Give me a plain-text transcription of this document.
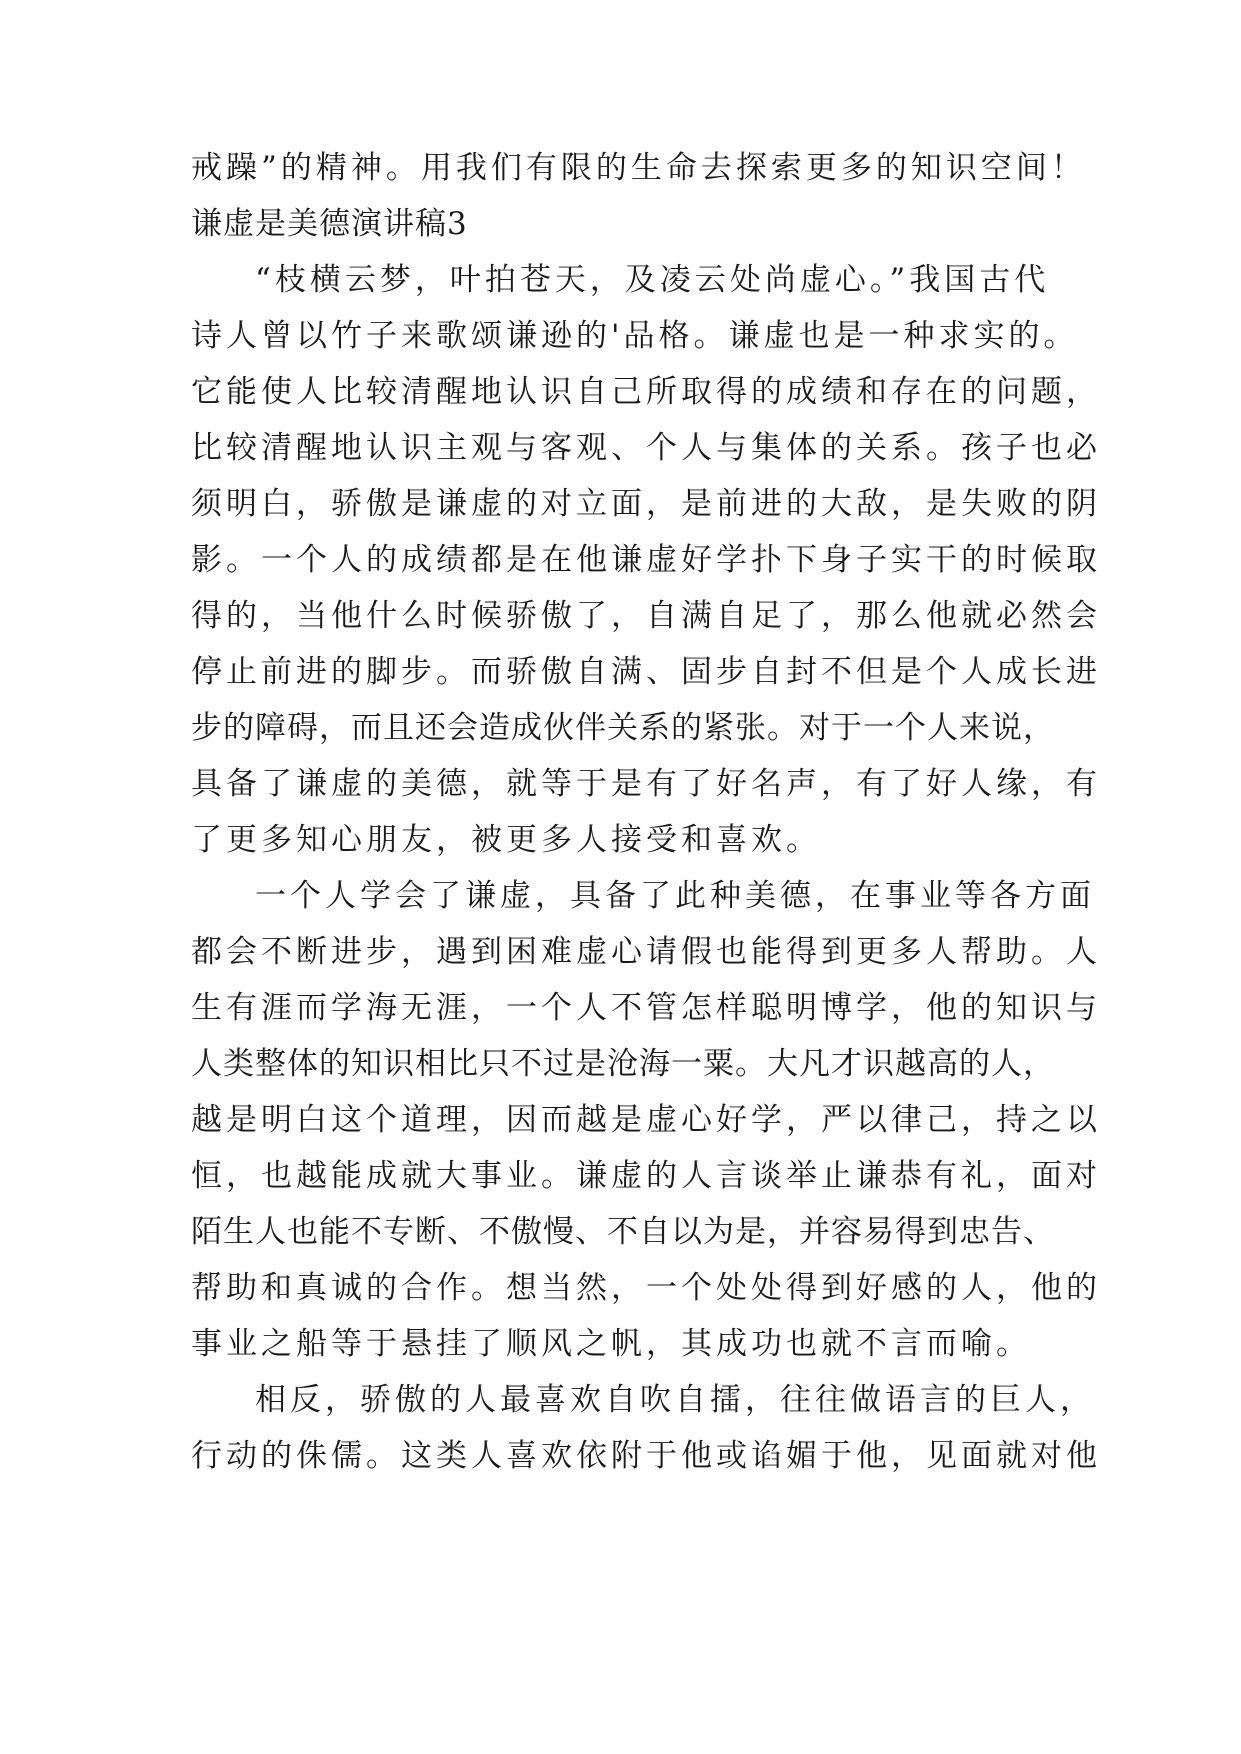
戒躁”的精神。用我们有限的生命去探索更多的知识空间！
谦虚是美德演讲稿3
“枝横云梦，叶拍苍天，及凌云处尚虚心。”我国古代
诗人曾以竹子来歌颂谦逊的'品格。谦虚也是一种求实的。
它能使人比较清醒地认识自己所取得的成绩和存在的问题，
比较清醒地认识主观与客观、个人与集体的关系。孩子也必
须明白，骄傲是谦虚的对立面，是前进的大敌，是失败的阴
影。一个人的成绩都是在他谦虚好学扑下身子实干的时候取
得的，当他什么时候骄傲了，自满自足了，那么他就必然会
停止前进的脚步。而骄傲自满、固步自封不但是个人成长进
步的障碍，而且还会造成伙伴关系的紧张。对于一个人来说，
具备了谦虚的美德，就等于是有了好名声，有了好人缘，有
了更多知心朋友，被更多人接受和喜欢。
一个人学会了谦虚，具备了此种美德，在事业等各方面
都会不断进步，遇到困难虚心请假也能得到更多人帮助。人
生有涯而学海无涯，一个人不管怎样聪明博学，他的知识与
人类整体的知识相比只不过是沧海一粟。大凡才识越高的人，
越是明白这个道理，因而越是虚心好学，严以律己，持之以
恒，也越能成就大事业。谦虚的人言谈举止谦恭有礼，面对
陌生人也能不专断、不傲慢、不自以为是，并容易得到忠告、
帮助和真诚的合作。想当然，一个处处得到好感的人，他的
事业之船等于悬挂了顺风之帆，其成功也就不言而喻。
相反，骄傲的人最喜欢自吹自擂，往往做语言的巨人，
行动的侏儒。这类人喜欢依附于他或谄媚于他，见面就对他
